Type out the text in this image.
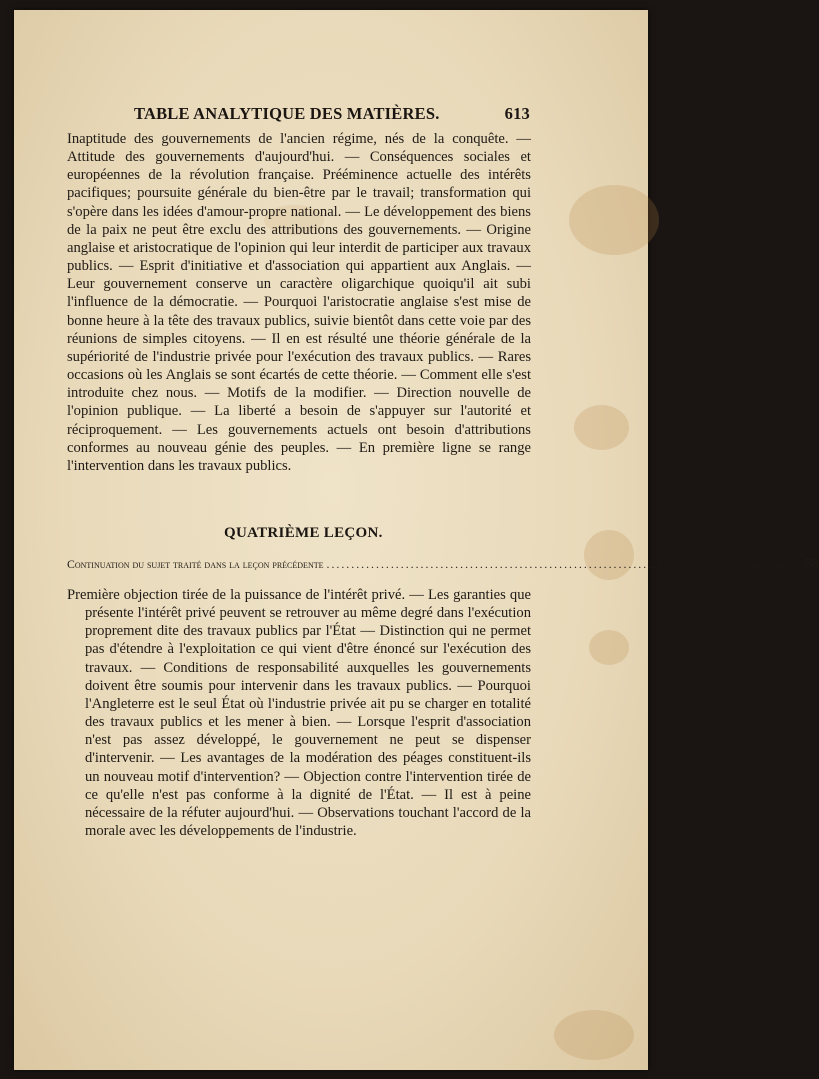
TABLE ANALYTIQUE DES MATIÈRES.	613

Inaptitude des gouvernements de l'ancien régime, nés de la conquête. — Attitude des gouvernements d'aujourd'hui. — Conséquences sociales et européennes de la révolution française. Prééminence actuelle des intérêts pacifiques; poursuite générale du bien-être par le travail; transformation qui s'opère dans les idées d'amour-propre national. — Le développement des biens de la paix ne peut être exclu des attributions des gouvernements. — Origine anglaise et aristocratique de l'opinion qui leur interdit de participer aux travaux publics. — Esprit d'initiative et d'association qui appartient aux Anglais. — Leur gouvernement conserve un caractère oligarchique quoiqu'il ait subi l'influence de la démocratie. — Pourquoi l'aristocratie anglaise s'est mise de bonne heure à la tête des travaux publics, suivie bientôt dans cette voie par des réunions de simples citoyens. — Il en est résulté une théorie générale de la supériorité de l'industrie privée pour l'exécution des travaux publics. — Rares occasions où les Anglais se sont écartés de cette théorie. — Comment elle s'est introduite chez nous. — Motifs de la modifier. — Direction nouvelle de l'opinion publique. — La liberté a besoin de s'appuyer sur l'autorité et réciproquement. — Les gouvernements actuels ont besoin d'attributions conformes au nouveau génie des peuples. — En première ligne se range l'intervention dans les travaux publics.

QUATRIÈME LEÇON.
Continuation du sujet traité dans la leçon précédente ................................................................................................ 58

Première objection tirée de la puissance de l'intérêt privé. — Les garanties que présente l'intérêt privé peuvent se retrouver au même degré dans l'exécution proprement dite des travaux publics par l'État — Distinction qui ne permet pas d'étendre à l'exploitation ce qui vient d'être énoncé sur l'exécution des travaux. — Conditions de responsabilité auxquelles les gouvernements doivent être soumis pour intervenir dans les travaux publics. — Pourquoi l'Angleterre est le seul État où l'industrie privée ait pu se charger en totalité des travaux publics et les mener à bien. — Lorsque l'esprit d'association n'est pas assez développé, le gouvernement ne peut se dispenser d'intervenir. — Les avantages de la modération des péages constituent-ils un nouveau motif d'intervention? — Objection contre l'intervention tirée de ce qu'elle n'est pas conforme à la dignité de l'État. — Il est à peine nécessaire de la réfuter aujourd'hui. — Observations touchant l'accord de la morale avec les développements de l'industrie.
